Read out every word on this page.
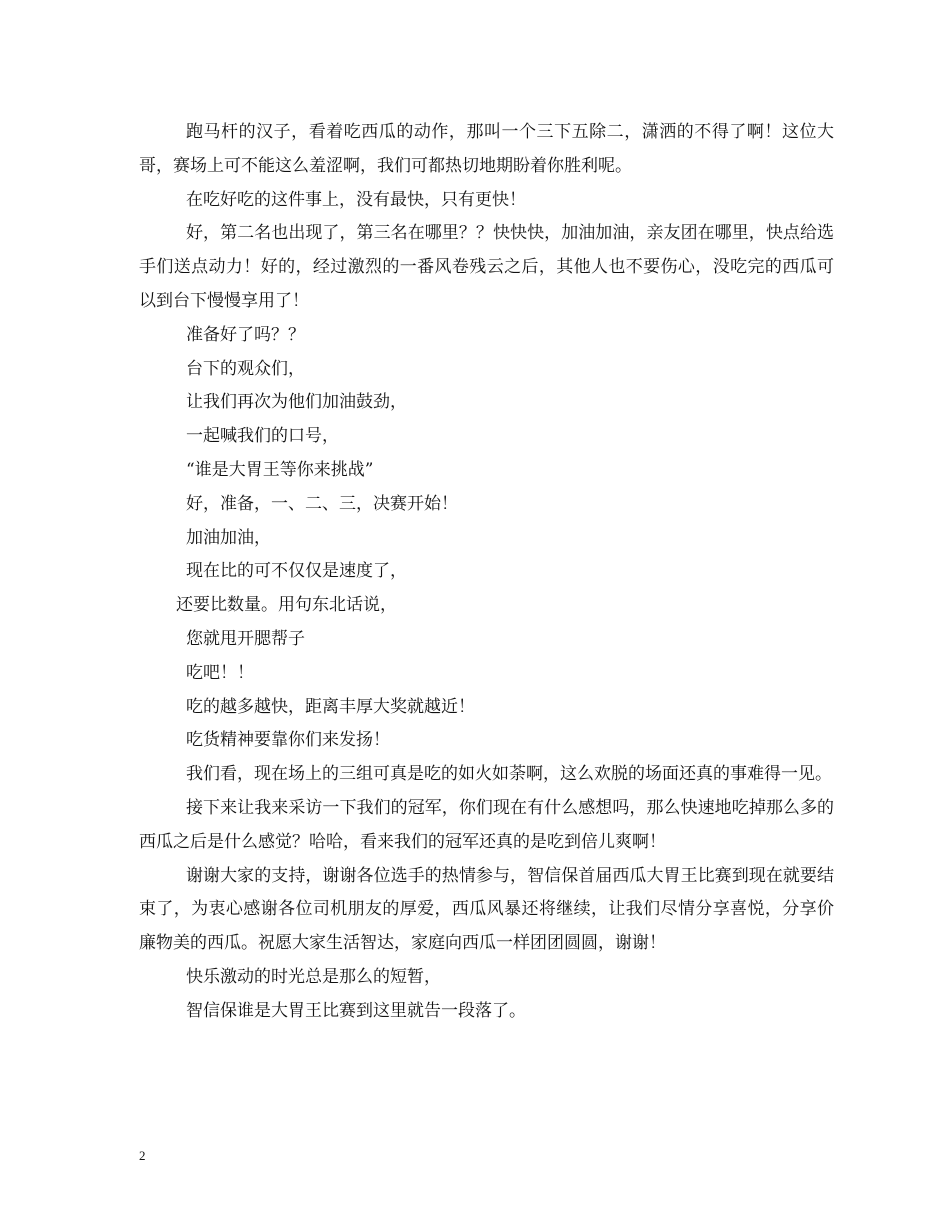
跑马杆的汉子，看着吃西瓜的动作，那叫一个三下五除二，潇洒的不得了啊！这位大哥，赛场上可不能这么羞涩啊，我们可都热切地期盼着你胜利呢。

在吃好吃的这件事上，没有最快，只有更快！

好，第二名也出现了，第三名在哪里？？快快快，加油加油，亲友团在哪里，快点给选手们送点动力！好的，经过激烈的一番风卷残云之后，其他人也不要伤心，没吃完的西瓜可以到台下慢慢享用了！

准备好了吗？？

台下的观众们，

让我们再次为他们加油鼓劲，

一起喊我们的口号，

“谁是大胃王等你来挑战”

好，准备，一、二、三，决赛开始！

加油加油，

现在比的可不仅仅是速度了，

还要比数量。用句东北话说，

您就甩开腮帮子

吃吧！！

吃的越多越快，距离丰厚大奖就越近！

吃货精神要靠你们来发扬！

我们看，现在场上的三组可真是吃的如火如荼啊，这么欢脱的场面还真的事难得一见。

接下来让我来采访一下我们的冠军，你们现在有什么感想吗，那么快速地吃掉那么多的西瓜之后是什么感觉？哈哈，看来我们的冠军还真的是吃到倍儿爽啊！

谢谢大家的支持，谢谢各位选手的热情参与，智信保首届西瓜大胃王比赛到现在就要结束了，为衷心感谢各位司机朋友的厚爱，西瓜风暴还将继续，让我们尽情分享喜悦，分享价廉物美的西瓜。祝愿大家生活智达，家庭向西瓜一样团团圆圆，谢谢！

快乐激动的时光总是那么的短暂，

智信保谁是大胃王比赛到这里就告一段落了。

2
